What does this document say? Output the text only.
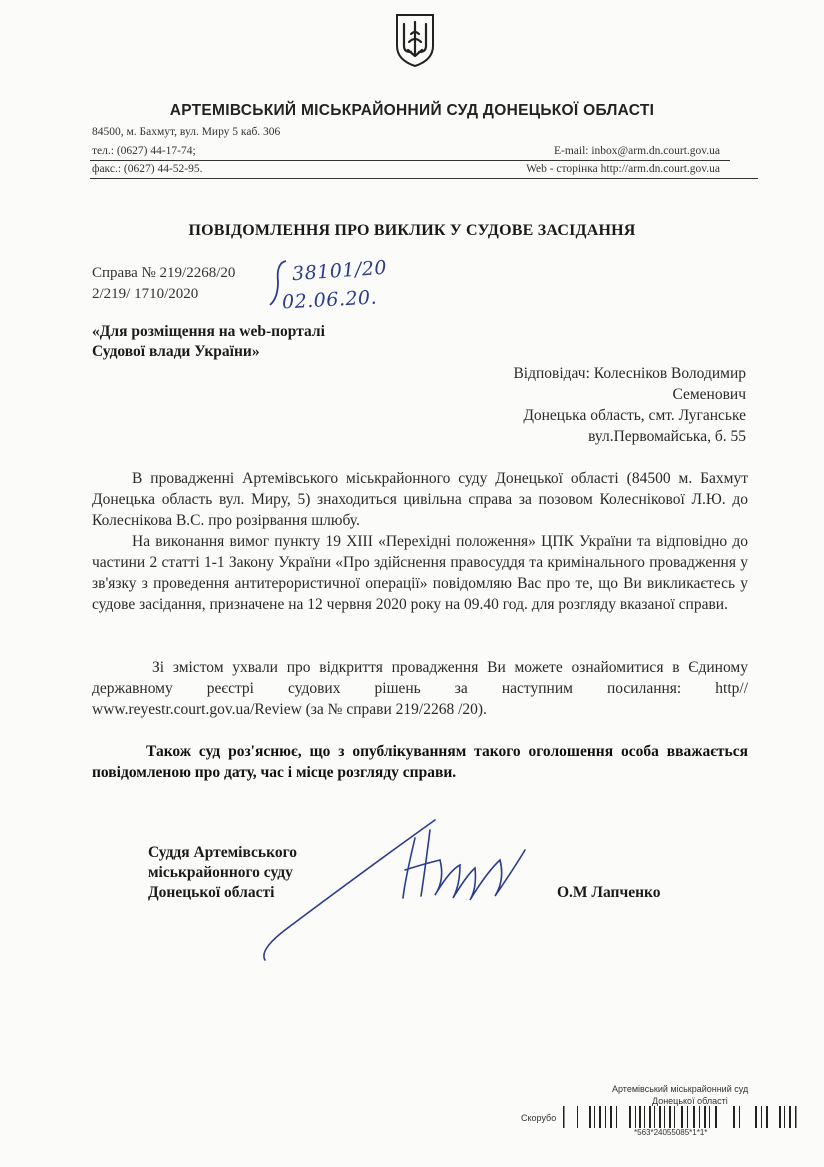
АРТЕМІВСЬКИЙ МІСЬКРАЙОННИЙ СУД ДОНЕЦЬКОЇ ОБЛАСТІ
84500, м. Бахмут, вул. Миру 5 каб. 306
тел.: (0627) 44-17-74;	E-mail: inbox@arm.dn.court.gov.ua
факс.: (0627) 44-52-95.	Web - сторінка http://arm.dn.court.gov.ua
ПОВІДОМЛЕННЯ ПРО ВИКЛИК У СУДОВЕ ЗАСІДАННЯ
Справа № 219/2268/20
2/219/ 1710/2020
38101/20
02.06.20.
«Для розміщення на web-порталі
Судової влади України»
Відповідач: Колесніков Володимир
Семенович
Донецька область, смт. Луганське
вул.Первомайська, б. 55
В провадженні Артемівського міськрайонного суду Донецької області (84500 м. Бахмут Донецька область вул. Миру, 5) знаходиться цивільна справа за позовом Колеснікової Л.Ю. до Колеснікова В.С. про розірвання шлюбу.
На виконання вимог пункту 19 XIII «Перехідні положення» ЦПК України та відповідно до частини 2 статті 1-1 Закону України «Про здійснення правосуддя та кримінального провадження у зв'язку з проведення антитерористичної операції» повідомляю Вас про те, що Ви викликаєтесь у судове засідання, призначене на 12 червня 2020 року на 09.40 год. для розгляду вказаної справи.
Зі змістом ухвали про відкриття провадження Ви можете ознайомитися в Єдиному державному реєстрі судових рішень за наступним посилання: http// www.reyestr.court.gov.ua/Review (за № справи 219/2268 /20).
Також суд роз'яснює, що з опублікуванням такого оголошення особа вважається повідомленою про дату, час і місце розгляду справи.
Суддя Артемівського
міськрайонного суду
Донецької області	О.М Лапченко
Артемівський міськрайонний суд
Донецької області
Скорубо
*563*24055085*1*1*
